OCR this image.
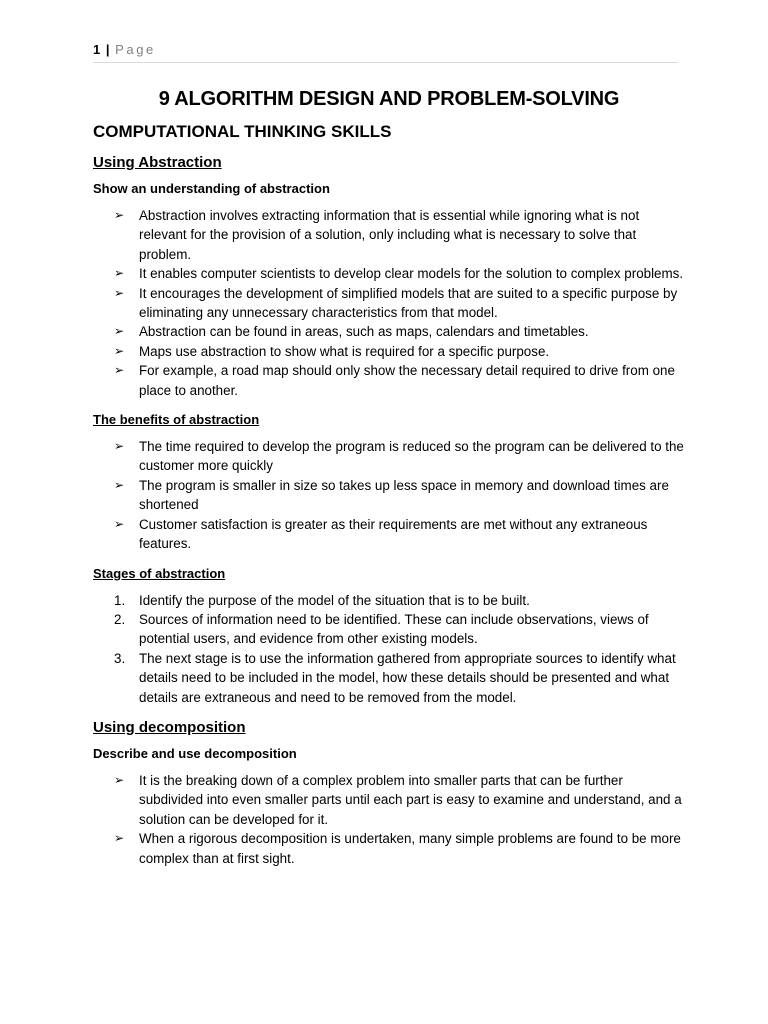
1 | Page
9 ALGORITHM DESIGN AND PROBLEM-SOLVING
COMPUTATIONAL THINKING SKILLS
Using Abstraction
Show an understanding of abstraction
➢ Abstraction involves extracting information that is essential while ignoring what is not relevant for the provision of a solution, only including what is necessary to solve that problem.
➢ It enables computer scientists to develop clear models for the solution to complex problems.
➢ It encourages the development of simplified models that are suited to a specific purpose by eliminating any unnecessary characteristics from that model.
➢ Abstraction can be found in areas, such as maps, calendars and timetables.
➢ Maps use abstraction to show what is required for a specific purpose.
➢ For example, a road map should only show the necessary detail required to drive from one place to another.
The benefits of abstraction
➢ The time required to develop the program is reduced so the program can be delivered to the customer more quickly
➢ The program is smaller in size so takes up less space in memory and download times are shortened
➢ Customer satisfaction is greater as their requirements are met without any extraneous features.
Stages of abstraction
1. Identify the purpose of the model of the situation that is to be built.
2. Sources of information need to be identified. These can include observations, views of potential users, and evidence from other existing models.
3. The next stage is to use the information gathered from appropriate sources to identify what details need to be included in the model, how these details should be presented and what details are extraneous and need to be removed from the model.
Using decomposition
Describe and use decomposition
➢ It is the breaking down of a complex problem into smaller parts that can be further subdivided into even smaller parts until each part is easy to examine and understand, and a solution can be developed for it.
➢ When a rigorous decomposition is undertaken, many simple problems are found to be more complex than at first sight.
